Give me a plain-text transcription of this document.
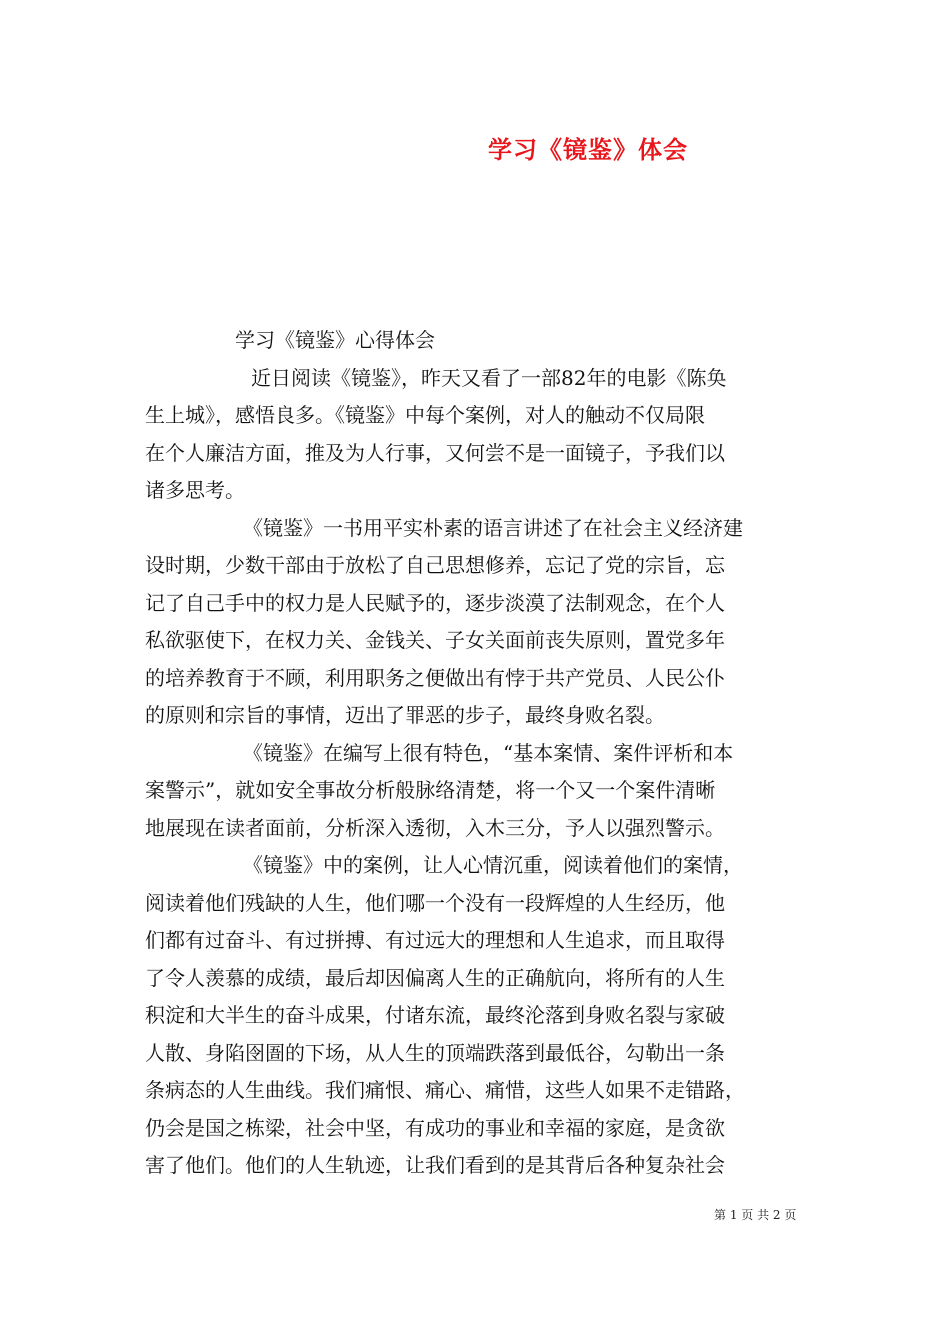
学习《镜鉴》体会
学习《镜鉴》心得体会
近日阅读《镜鉴》，昨天又看了一部82年的电影《陈奂
生上城》，感悟良多。《镜鉴》中每个案例，对人的触动不仅局限
在个人廉洁方面，推及为人行事，又何尝不是一面镜子，予我们以
诸多思考。
《镜鉴》一书用平实朴素的语言讲述了在社会主义经济建
设时期，少数干部由于放松了自己思想修养，忘记了党的宗旨，忘
记了自己手中的权力是人民赋予的，逐步淡漠了法制观念，在个人
私欲驱使下，在权力关、金钱关、子女关面前丧失原则，置党多年
的培养教育于不顾，利用职务之便做出有悖于共产党员、人民公仆
的原则和宗旨的事情，迈出了罪恶的步子，最终身败名裂。
《镜鉴》在编写上很有特色，“基本案情、案件评析和本
案警示”，就如安全事故分析般脉络清楚，将一个又一个案件清晰
地展现在读者面前，分析深入透彻，入木三分，予人以强烈警示。
《镜鉴》中的案例，让人心情沉重，阅读着他们的案情，
阅读着他们残缺的人生，他们哪一个没有一段辉煌的人生经历，他
们都有过奋斗、有过拼搏、有过远大的理想和人生追求，而且取得
了令人羡慕的成绩，最后却因偏离人生的正确航向，将所有的人生
积淀和大半生的奋斗成果，付诸东流，最终沦落到身败名裂与家破
人散、身陷囹圄的下场，从人生的顶端跌落到最低谷，勾勒出一条
条病态的人生曲线。我们痛恨、痛心、痛惜，这些人如果不走错路，
仍会是国之栋梁，社会中坚，有成功的事业和幸福的家庭，是贪欲
害了他们。他们的人生轨迹，让我们看到的是其背后各种复杂社会
第 1 页 共 2 页
